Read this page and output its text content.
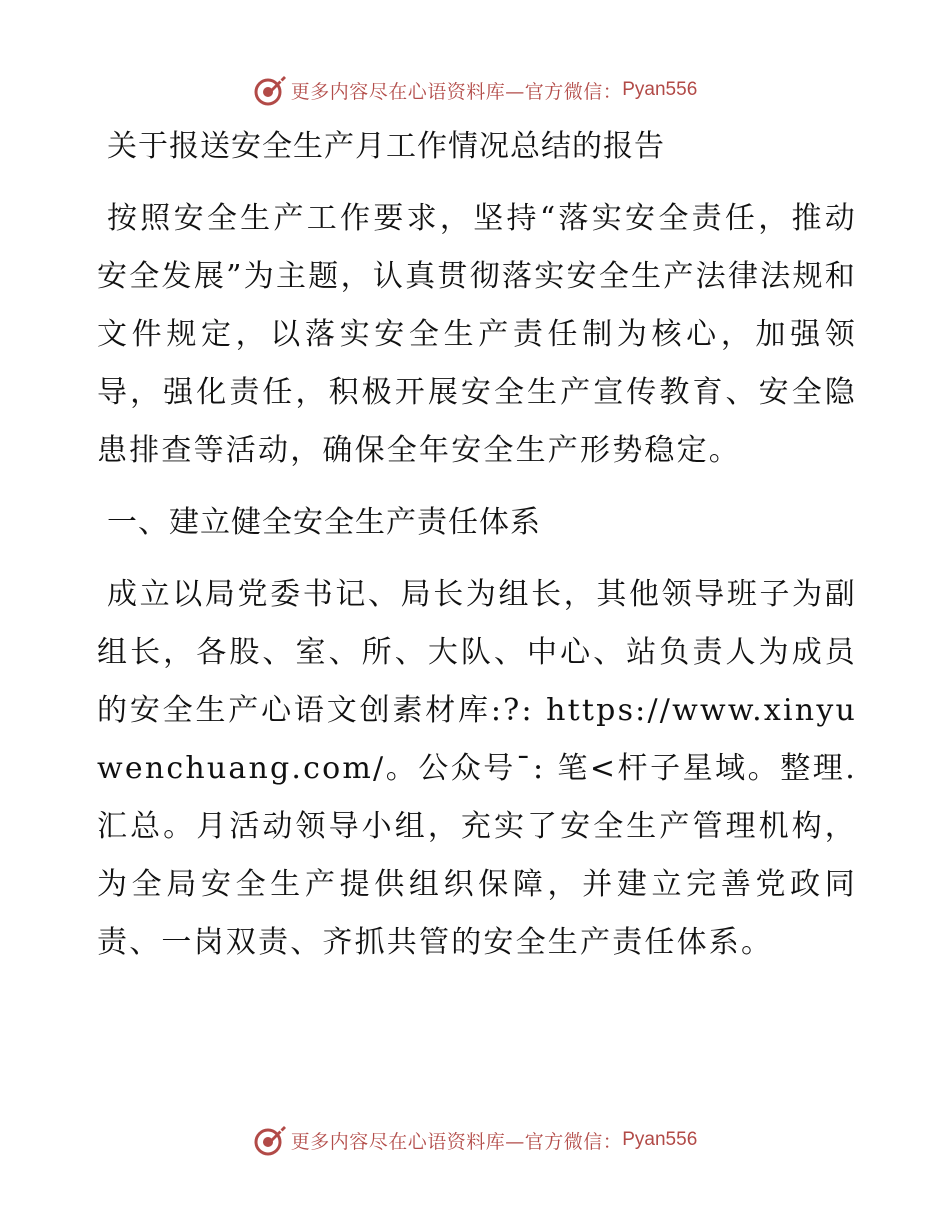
更多内容尽在心语资料库—官方微信： Pyan556
关于报送安全生产月工作情况总结的报告

按照安全生产工作要求，坚持“落实安全责任，推动安全发展”为主题，认真贯彻落实安全生产法律法规和文件规定，以落实安全生产责任制为核心，加强领导，强化责任，积极开展安全生产宣传教育、安全隐患排查等活动，确保全年安全生产形势稳定。

一、建立健全安全生产责任体系

成立以局党委书记、局长为组长，其他领导班子为副组长，各股、室、所、大队、中心、站负责人为成员的安全生产心语文创素材库:?: https://www.xinyuwenchuang.com/。公众号¯: 笔<杆子星域。整理.汇总。月活动领导小组，充实了安全生产管理机构，为全局安全生产提供组织保障，并建立完善党政同责、一岗双责、齐抓共管的安全生产责任体系。

更多内容尽在心语资料库—官方微信： Pyan556
